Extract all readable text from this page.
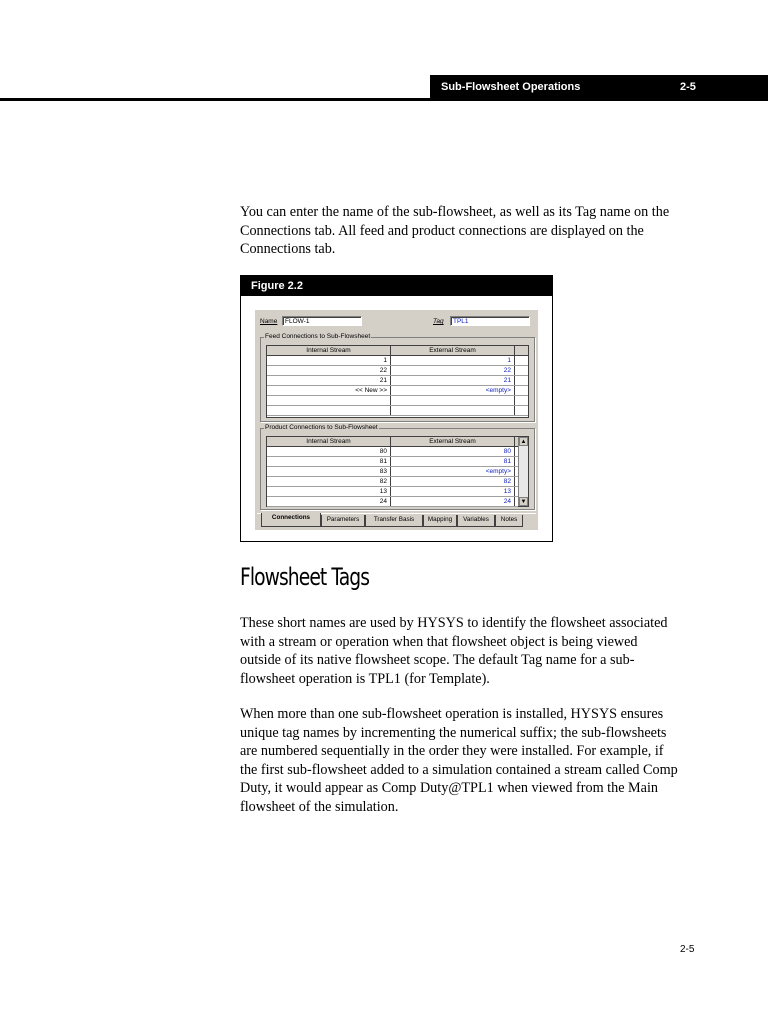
Sub-Flowsheet Operations	2-5

You can enter the name of the sub-flowsheet, as well as its Tag name on the Connections tab. All feed and product connections are displayed on the Connections tab.

Figure 2.2
Name	FLOW-1	Tag	TPL1
Feed Connections to Sub-Flowsheet
Internal Stream	External Stream
1	1
22	22
21	21
<< New >>	<empty>
Product Connections to Sub-Flowsheet
Internal Stream	External Stream	▲
▼
80	80
81	81
83	<empty>
82	82
13	13
24	24
Connections	Parameters	Transfer Basis	Mapping	Variables	Notes
Flowsheet Tags

These short names are used by HYSYS to identify the flowsheet associated with a stream or operation when that flowsheet object is being viewed outside of its native flowsheet scope. The default Tag name for a sub-flowsheet operation is TPL1 (for Template).

When more than one sub-flowsheet operation is installed, HYSYS ensures unique tag names by incrementing the numerical suffix; the sub-flowsheets are numbered sequentially in the order they were installed. For example, if the first sub-flowsheet added to a simulation contained a stream called Comp Duty, it would appear as Comp Duty@TPL1 when viewed from the Main flowsheet of the simulation.

2-5
